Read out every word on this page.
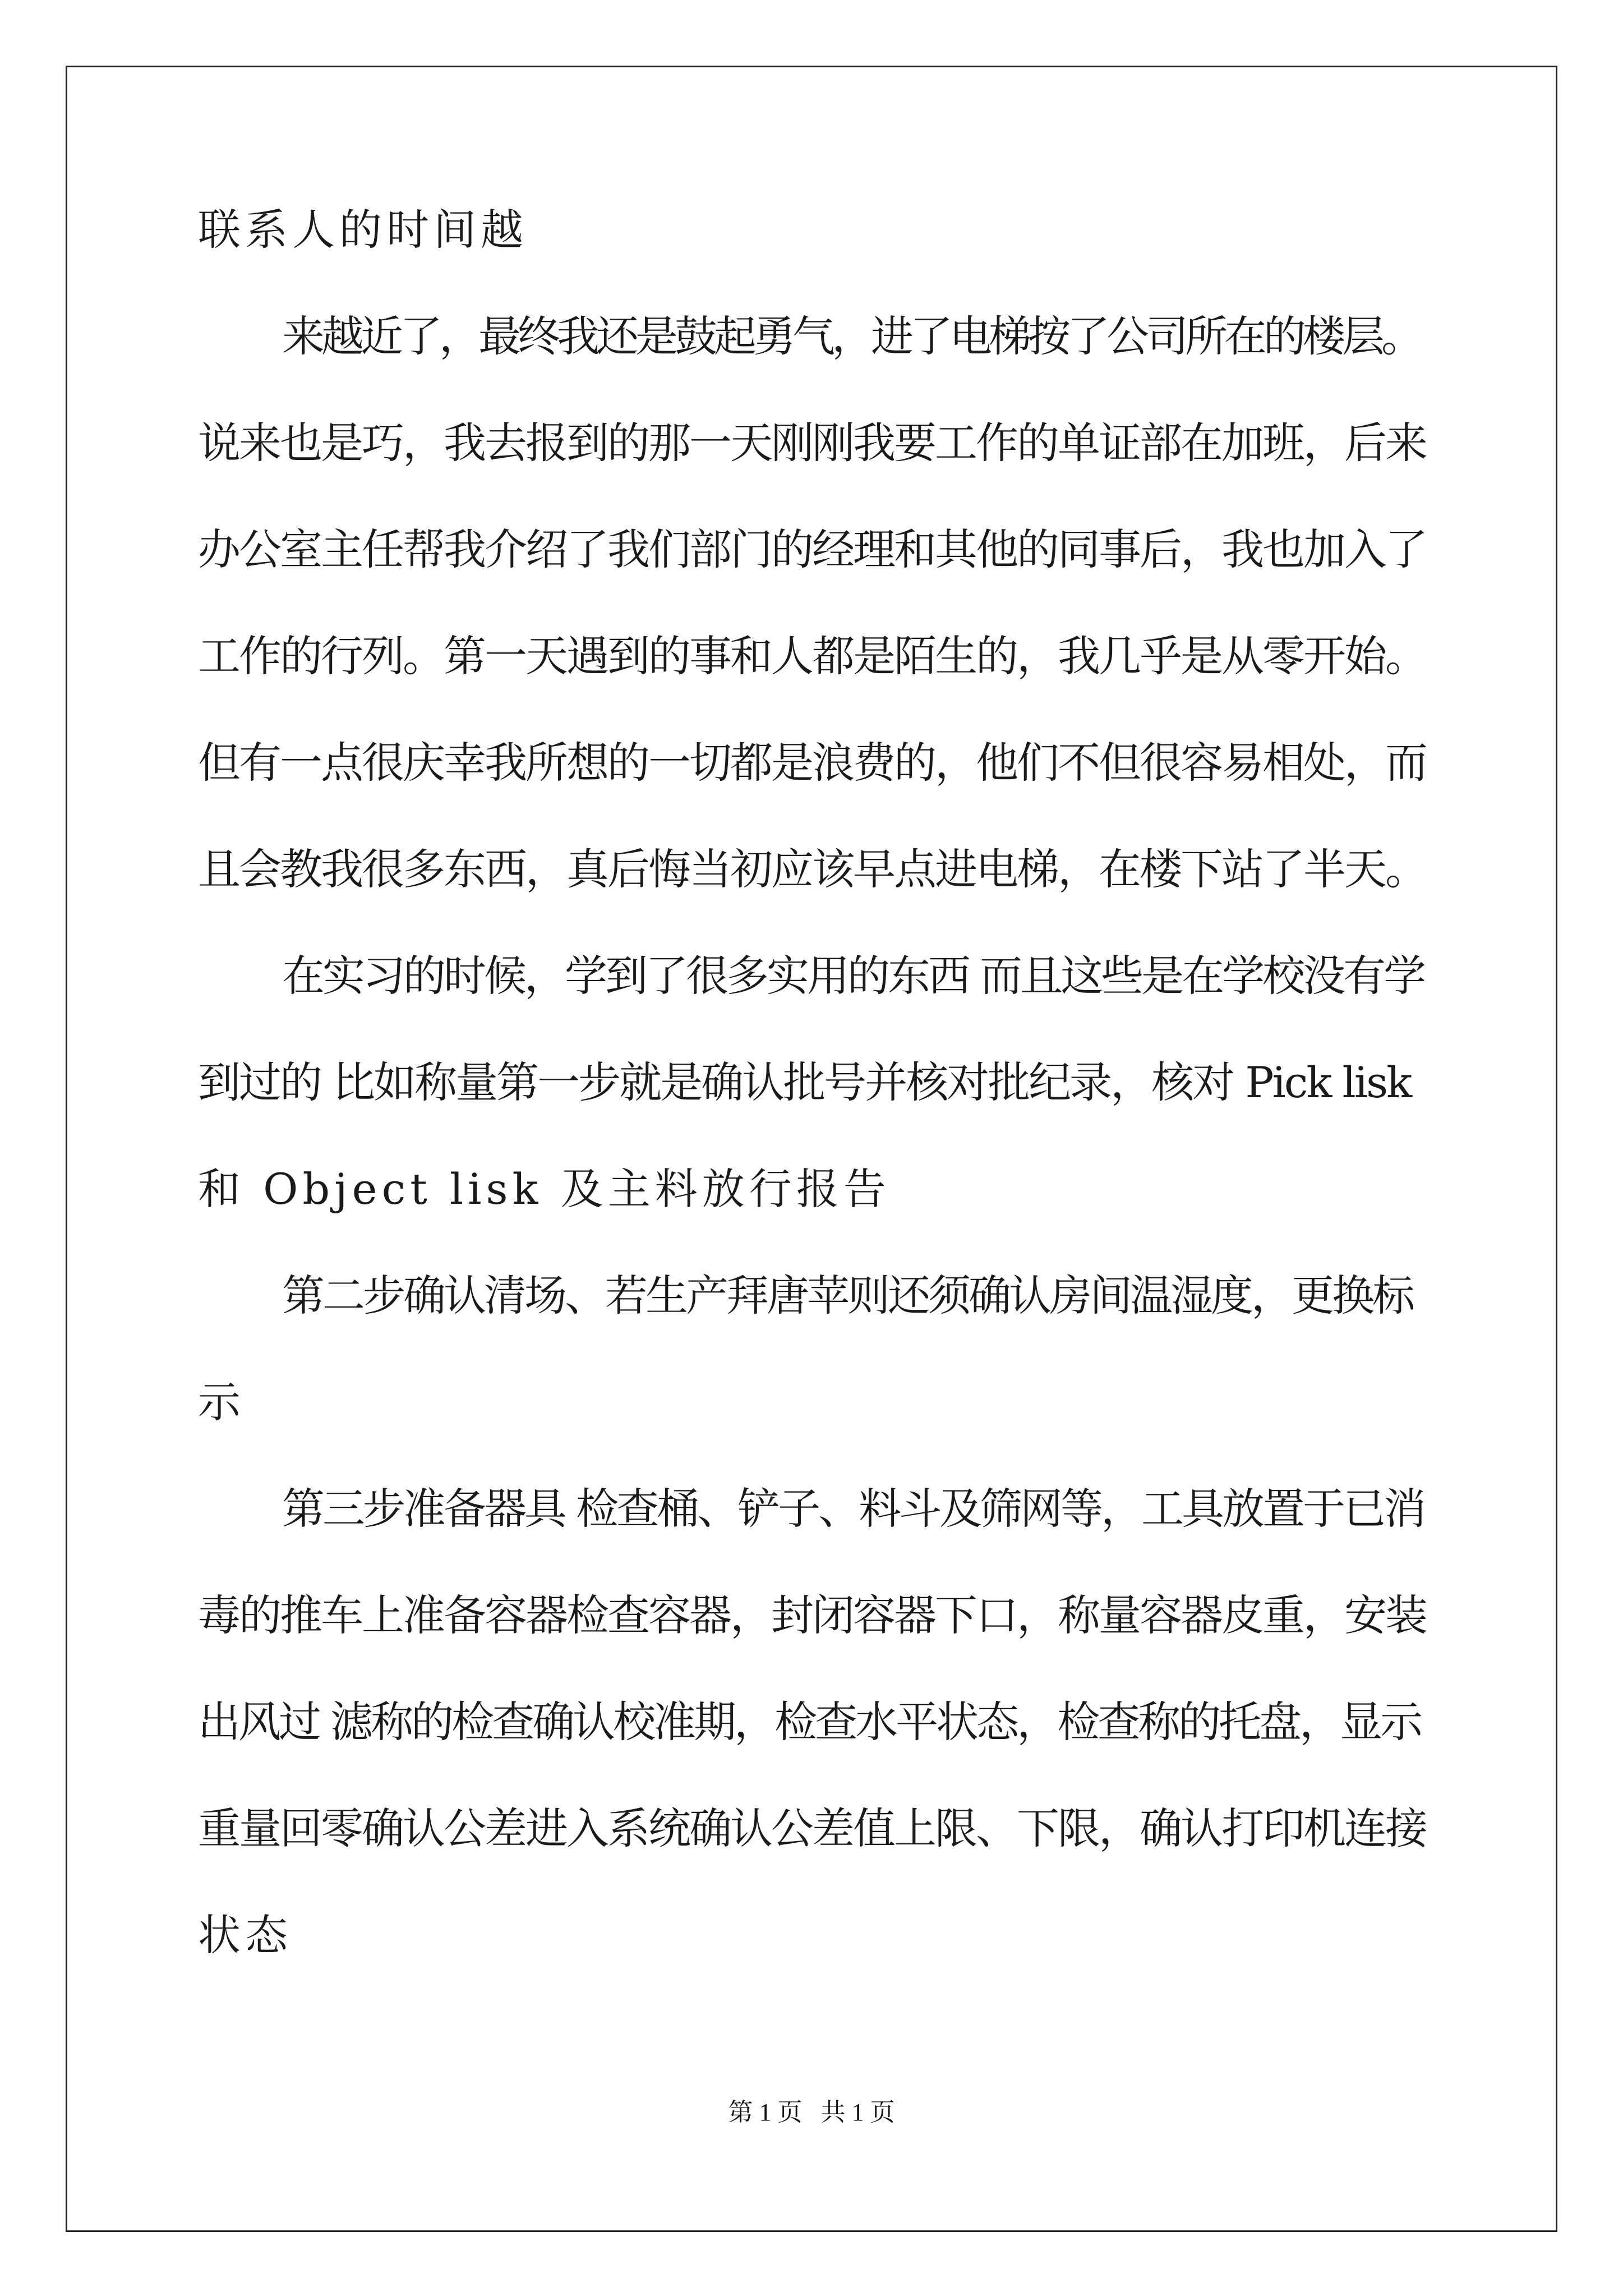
联系人的时间越
来越近了，最终我还是鼓起勇气，进了电梯按了公司所在的楼层。
说来也是巧，我去报到的那一天刚刚我要工作的单证部在加班，后来
办公室主任帮我介绍了我们部门的经理和其他的同事后，我也加入了
工作的行列。第一天遇到的事和人都是陌生的，我几乎是从零开始。
但有一点很庆幸我所想的一切都是浪费的，他们不但很容易相处，而
且会教我很多东西，真后悔当初应该早点进电梯，在楼下站了半天。
在实习的时候，学到了很多实用的东西 而且这些是在学校没有学
到过的 比如称量第一步就是确认批号并核对批纪录，核对 Pick lisk
和 Object lisk 及主料放行报告
第二步确认清场、若生产拜唐苹则还须确认房间温湿度，更换标
示
第三步准备器具 检查桶、铲子、料斗及筛网等，工具放置于已消
毒的推车上准备容器检查容器，封闭容器下口，称量容器皮重，安装
出风过 滤称的检查确认校准期，检查水平状态，检查称的托盘，显示
重量回零确认公差进入系统确认公差值上限、下限，确认打印机连接
状态
第 1 页   共 1 页
